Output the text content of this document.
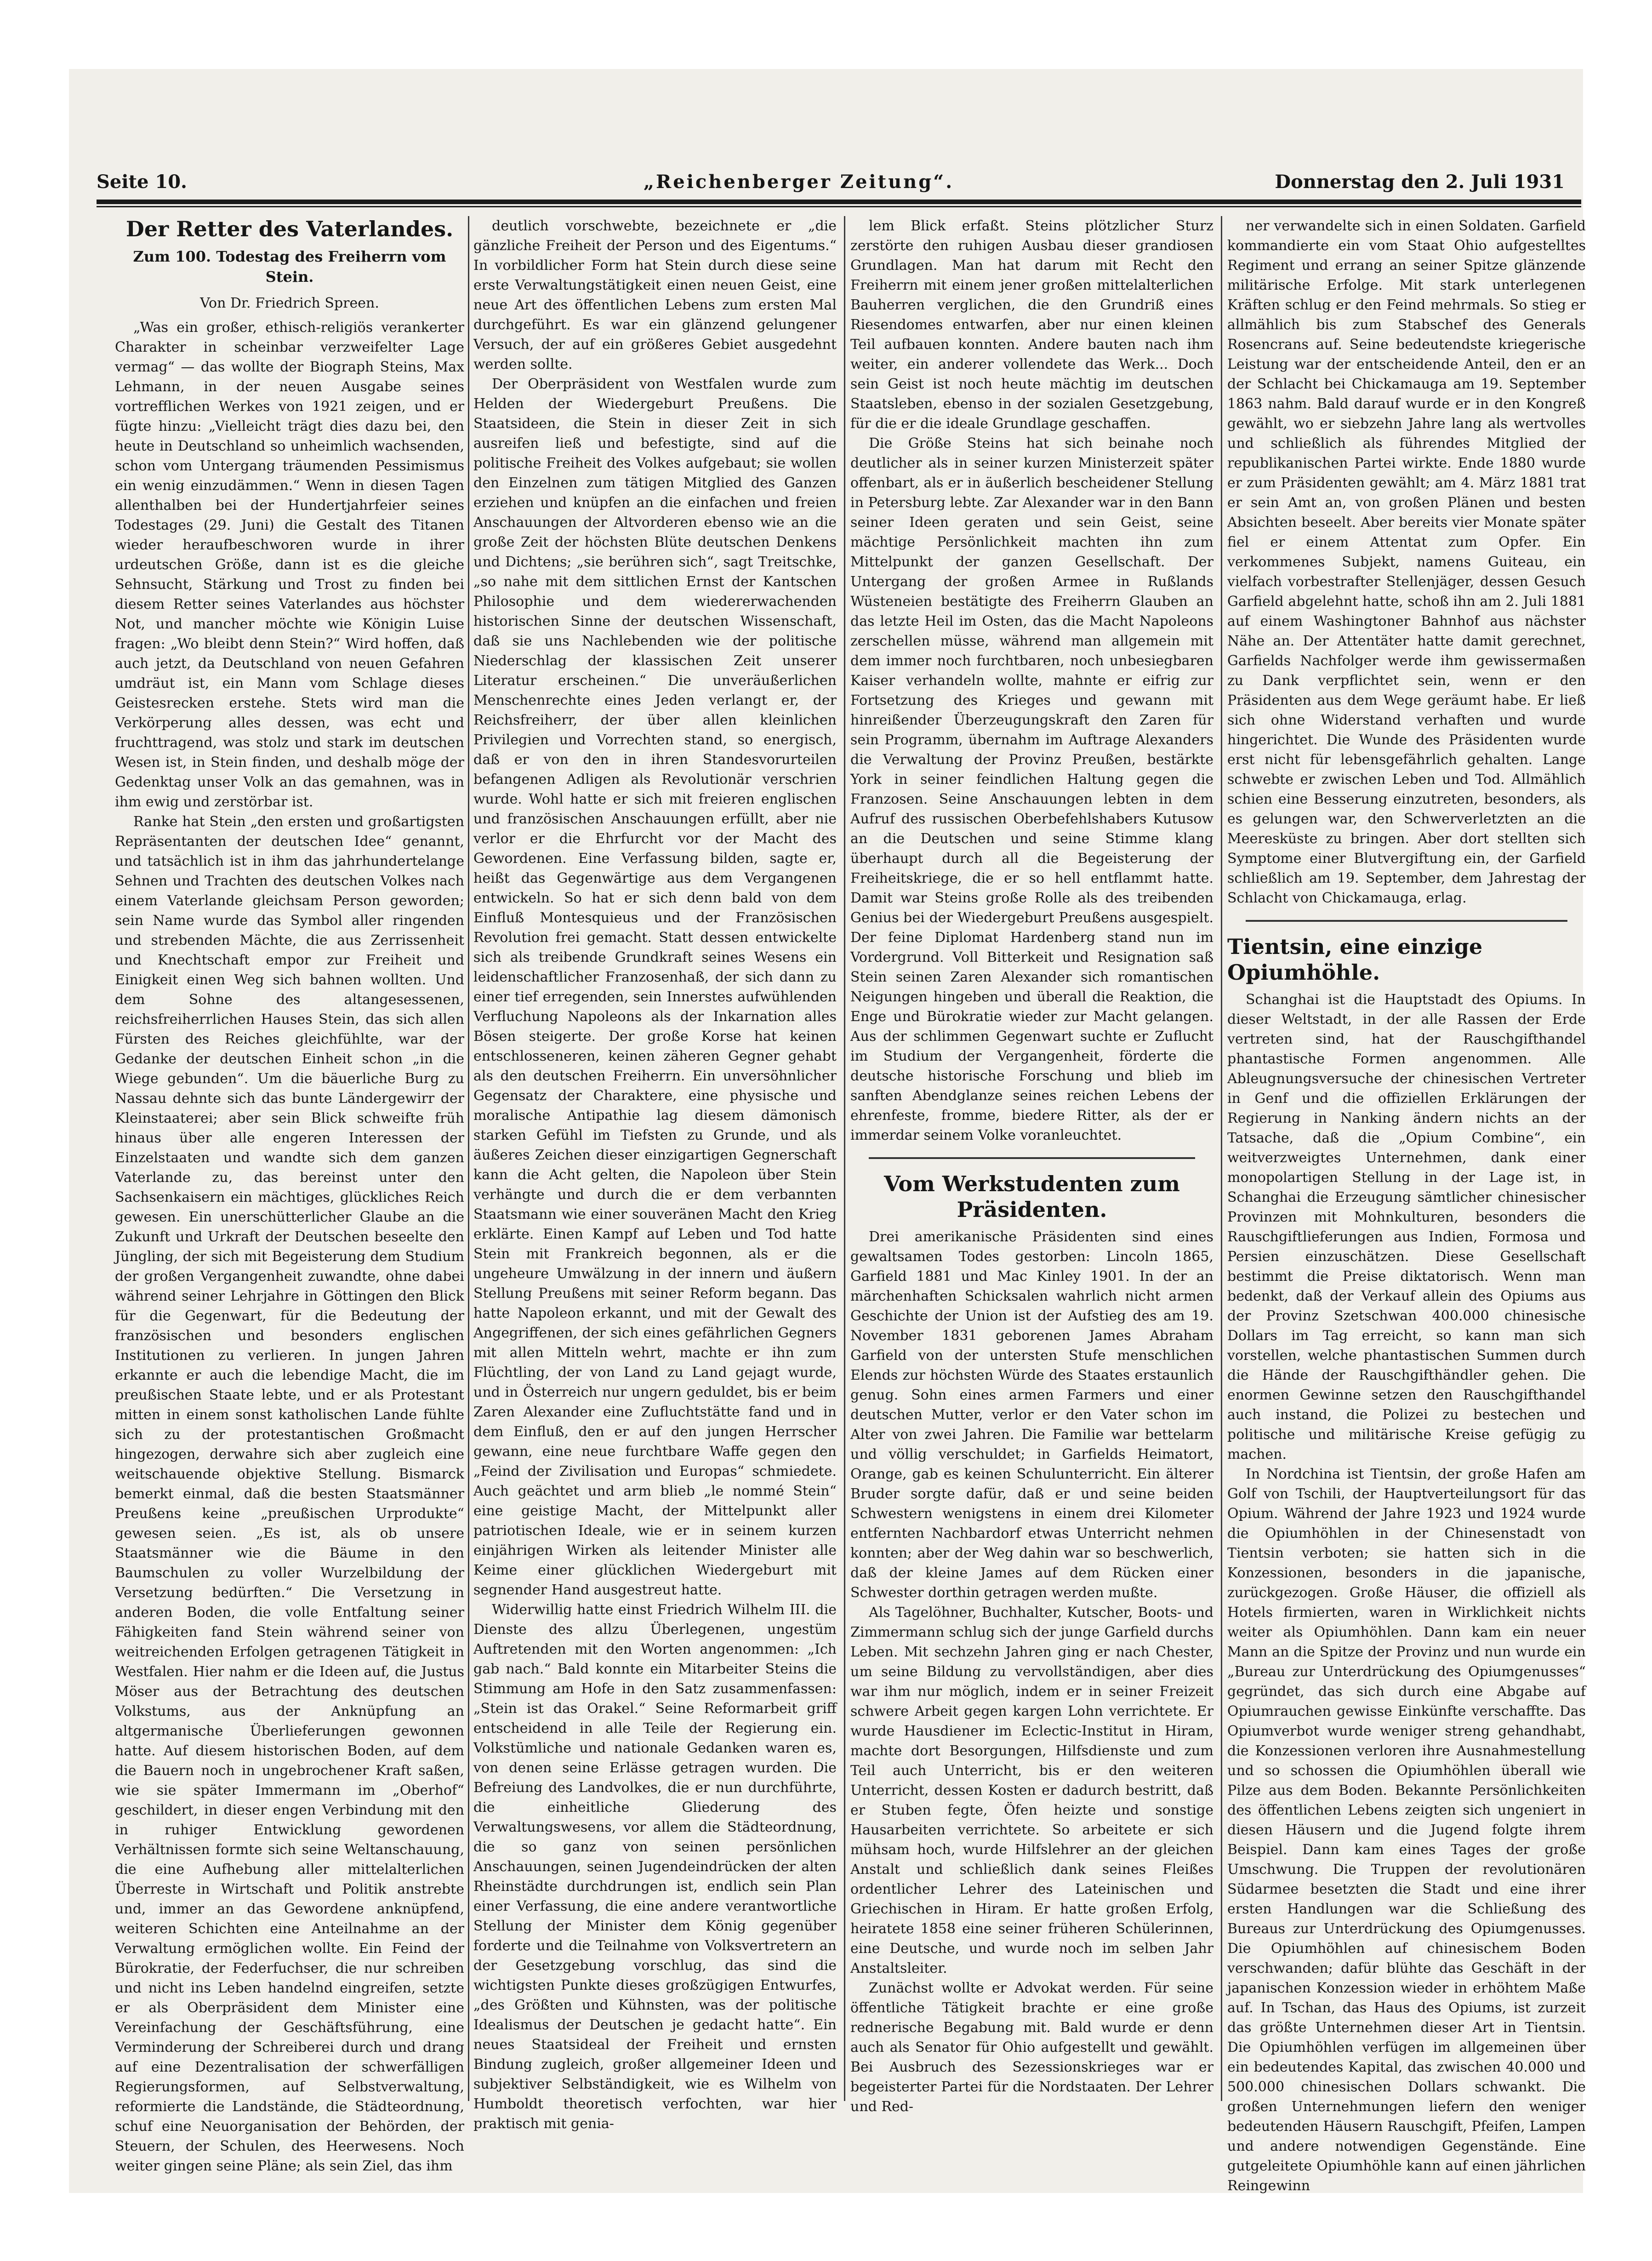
Seite 10.	„Reichenberger Zeitung“.	Donnerstag den 2. Juli 1931
Der Retter des Vaterlandes.
Zum 100. Todestag des Freiherrn vom Stein.
Von Dr. Friedrich Spreen.

„Was ein großer, ethisch-religiös verankerter Charakter in scheinbar verzweifelter Lage vermag“ — das wollte der Biograph Steins, Max Lehmann, in der neuen Ausgabe seines vortrefflichen Werkes von 1921 zeigen, und er fügte hinzu: „Vielleicht trägt dies dazu bei, den heute in Deutschland so unheimlich wachsenden, schon vom Untergang träumenden Pessimismus ein wenig einzudämmen.“ Wenn in diesen Tagen allenthalben bei der Hundertjahrfeier seines Todestages (29. Juni) die Gestalt des Titanen wieder heraufbeschworen wurde in ihrer urdeutschen Größe, dann ist es die gleiche Sehnsucht, Stärkung und Trost zu finden bei diesem Retter seines Vaterlandes aus höchster Not, und mancher möchte wie Königin Luise fragen: „Wo bleibt denn Stein?“ Wird hoffen, daß auch jetzt, da Deutschland von neuen Gefahren umdräut ist, ein Mann vom Schlage dieses Geistesrecken erstehe. Stets wird man die Verkörperung alles dessen, was echt und fruchttragend, was stolz und stark im deutschen Wesen ist, in Stein finden, und deshalb möge der Gedenktag unser Volk an das gemahnen, was in ihm ewig und zerstörbar ist.

Ranke hat Stein „den ersten und großartigsten Repräsentanten der deutschen Idee“ genannt, und tatsächlich ist in ihm das jahrhundertelange Sehnen und Trachten des deutschen Volkes nach einem Vaterlande gleichsam Person geworden; sein Name wurde das Symbol aller ringenden und strebenden Mächte, die aus Zerrissenheit und Knechtschaft empor zur Freiheit und Einigkeit einen Weg sich bahnen wollten. Und dem Sohne des altangesessenen, reichsfreiherrlichen Hauses Stein, das sich allen Fürsten des Reiches gleichfühlte, war der Gedanke der deutschen Einheit schon „in die Wiege gebunden“. Um die bäuerliche Burg zu Nassau dehnte sich das bunte Ländergewirr der Kleinstaaterei; aber sein Blick schweifte früh hinaus über alle engeren Interessen der Einzelstaaten und wandte sich dem ganzen Vaterlande zu, das bereinst unter den Sachsenkaisern ein mächtiges, glückliches Reich gewesen. Ein unerschütterlicher Glaube an die Zukunft und Urkraft der Deutschen beseelte den Jüngling, der sich mit Begeisterung dem Studium der großen Vergangenheit zuwandte, ohne dabei während seiner Lehrjahre in Göttingen den Blick für die Gegenwart, für die Bedeutung der französischen und besonders englischen Institutionen zu verlieren. In jungen Jahren erkannte er auch die lebendige Macht, die im preußischen Staate lebte, und er als Protestant mitten in einem sonst katholischen Lande fühlte sich zu der protestantischen Großmacht hingezogen, derwahre sich aber zugleich eine weitschauende objektive Stellung. Bismarck bemerkt einmal, daß die besten Staatsmänner Preußens keine „preußischen Urprodukte“ gewesen seien. „Es ist, als ob unsere Staatsmänner wie die Bäume in den Baumschulen zu voller Wurzelbildung der Versetzung bedürften.“ Die Versetzung in anderen Boden, die volle Entfaltung seiner Fähigkeiten fand Stein während seiner von weitreichenden Erfolgen getragenen Tätigkeit in Westfalen. Hier nahm er die Ideen auf, die Justus Möser aus der Betrachtung des deutschen Volkstums, aus der Anknüpfung an altgermanische Überlieferungen gewonnen hatte. Auf diesem historischen Boden, auf dem die Bauern noch in ungebrochener Kraft saßen, wie sie später Immermann im „Oberhof“ geschildert, in dieser engen Verbindung mit den in ruhiger Entwicklung gewordenen Verhältnissen formte sich seine Weltanschauung, die eine Aufhebung aller mittelalterlichen Überreste in Wirtschaft und Politik anstrebte und, immer an das Gewordene anknüpfend, weiteren Schichten eine Anteilnahme an der Verwaltung ermöglichen wollte. Ein Feind der Bürokratie, der Federfuchser, die nur schreiben und nicht ins Leben handelnd eingreifen, setzte er als Oberpräsident dem Minister eine Vereinfachung der Geschäftsführung, eine Verminderung der Schreiberei durch und drang auf eine Dezentralisation der schwerfälligen Regierungsformen, auf Selbstverwaltung, reformierte die Landstände, die Städteordnung, schuf eine Neuorganisation der Behörden, der Steuern, der Schulen, des Heerwesens. Noch weiter gingen seine Pläne; als sein Ziel, das ihm

deutlich vorschwebte, bezeichnete er „die gänzliche Freiheit der Person und des Eigentums.“ In vorbildlicher Form hat Stein durch diese seine erste Verwaltungstätigkeit einen neuen Geist, eine neue Art des öffentlichen Lebens zum ersten Mal durchgeführt. Es war ein glänzend gelungener Versuch, der auf ein größeres Gebiet ausgedehnt werden sollte.

Der Oberpräsident von Westfalen wurde zum Helden der Wiedergeburt Preußens. Die Staatsideen, die Stein in dieser Zeit in sich ausreifen ließ und befestigte, sind auf die politische Freiheit des Volkes aufgebaut; sie wollen den Einzelnen zum tätigen Mitglied des Ganzen erziehen und knüpfen an die einfachen und freien Anschauungen der Altvorderen ebenso wie an die große Zeit der höchsten Blüte deutschen Denkens und Dichtens; „sie berühren sich“, sagt Treitschke, „so nahe mit dem sittlichen Ernst der Kantschen Philosophie und dem wiedererwachenden historischen Sinne der deutschen Wissenschaft, daß sie uns Nachlebenden wie der politische Niederschlag der klassischen Zeit unserer Literatur erscheinen.“ Die unveräußerlichen Menschenrechte eines Jeden verlangt er, der Reichsfreiherr, der über allen kleinlichen Privilegien und Vorrechten stand, so energisch, daß er von den in ihren Standesvorurteilen befangenen Adligen als Revolutionär verschrien wurde. Wohl hatte er sich mit freieren englischen und französischen Anschauungen erfüllt, aber nie verlor er die Ehrfurcht vor der Macht des Gewordenen. Eine Verfassung bilden, sagte er, heißt das Gegenwärtige aus dem Vergangenen entwickeln. So hat er sich denn bald von dem Einfluß Montesquieus und der Französischen Revolution frei gemacht. Statt dessen entwickelte sich als treibende Grundkraft seines Wesens ein leidenschaftlicher Franzosenhaß, der sich dann zu einer tief erregenden, sein Innerstes aufwühlenden Verfluchung Napoleons als der Inkarnation alles Bösen steigerte. Der große Korse hat keinen entschlosseneren, keinen zäheren Gegner gehabt als den deutschen Freiherrn. Ein unversöhnlicher Gegensatz der Charaktere, eine physische und moralische Antipathie lag diesem dämonisch starken Gefühl im Tiefsten zu Grunde, und als äußeres Zeichen dieser einzigartigen Gegnerschaft kann die Acht gelten, die Napoleon über Stein verhängte und durch die er dem verbannten Staatsmann wie einer souveränen Macht den Krieg erklärte. Einen Kampf auf Leben und Tod hatte Stein mit Frankreich begonnen, als er die ungeheure Umwälzung in der innern und äußern Stellung Preußens mit seiner Reform begann. Das hatte Napoleon erkannt, und mit der Gewalt des Angegriffenen, der sich eines gefährlichen Gegners mit allen Mitteln wehrt, machte er ihn zum Flüchtling, der von Land zu Land gejagt wurde, und in Österreich nur ungern geduldet, bis er beim Zaren Alexander eine Zufluchtstätte fand und in dem Einfluß, den er auf den jungen Herrscher gewann, eine neue furchtbare Waffe gegen den „Feind der Zivilisation und Europas“ schmiedete. Auch geächtet und arm blieb „le nommé Stein“ eine geistige Macht, der Mittelpunkt aller patriotischen Ideale, wie er in seinem kurzen einjährigen Wirken als leitender Minister alle Keime einer glücklichen Wiedergeburt mit segnender Hand ausgestreut hatte.

Widerwillig hatte einst Friedrich Wilhelm III. die Dienste des allzu Überlegenen, ungestüm Auftretenden mit den Worten angenommen: „Ich gab nach.“ Bald konnte ein Mitarbeiter Steins die Stimmung am Hofe in den Satz zusammenfassen: „Stein ist das Orakel.“ Seine Reformarbeit griff entscheidend in alle Teile der Regierung ein. Volkstümliche und nationale Gedanken waren es, von denen seine Erlässe getragen wurden. Die Befreiung des Landvolkes, die er nun durchführte, die einheitliche Gliederung des Verwaltungswesens, vor allem die Städteordnung, die so ganz von seinen persönlichen Anschauungen, seinen Jugendeindrücken der alten Rheinstädte durchdrungen ist, endlich sein Plan einer Verfassung, die eine andere verantwortliche Stellung der Minister dem König gegenüber forderte und die Teilnahme von Volksvertretern an der Gesetzgebung vorschlug, das sind die wichtigsten Punkte dieses großzügigen Entwurfes, „des Größten und Kühnsten, was der politische Idealismus der Deutschen je gedacht hatte“. Ein neues Staatsideal der Freiheit und ernsten Bindung zugleich, großer allgemeiner Ideen und subjektiver Selbständigkeit, wie es Wilhelm von Humboldt theoretisch verfochten, war hier praktisch mit genia-

lem Blick erfaßt. Steins plötzlicher Sturz zerstörte den ruhigen Ausbau dieser grandiosen Grundlagen. Man hat darum mit Recht den Freiherrn mit einem jener großen mittelalterlichen Bauherren verglichen, die den Grundriß eines Riesendomes entwarfen, aber nur einen kleinen Teil aufbauen konnten. Andere bauten nach ihm weiter, ein anderer vollendete das Werk... Doch sein Geist ist noch heute mächtig im deutschen Staatsleben, ebenso in der sozialen Gesetzgebung, für die er die ideale Grundlage geschaffen.

Die Größe Steins hat sich beinahe noch deutlicher als in seiner kurzen Ministerzeit später offenbart, als er in äußerlich bescheidener Stellung in Petersburg lebte. Zar Alexander war in den Bann seiner Ideen geraten und sein Geist, seine mächtige Persönlichkeit machten ihn zum Mittelpunkt der ganzen Gesellschaft. Der Untergang der großen Armee in Rußlands Wüsteneien bestätigte des Freiherrn Glauben an das letzte Heil im Osten, das die Macht Napoleons zerschellen müsse, während man allgemein mit dem immer noch furchtbaren, noch unbesiegbaren Kaiser verhandeln wollte, mahnte er eifrig zur Fortsetzung des Krieges und gewann mit hinreißender Überzeugungskraft den Zaren für sein Programm, übernahm im Auftrage Alexanders die Verwaltung der Provinz Preußen, bestärkte York in seiner feindlichen Haltung gegen die Franzosen. Seine Anschauungen lebten in dem Aufruf des russischen Oberbefehlshabers Kutusow an die Deutschen und seine Stimme klang überhaupt durch all die Begeisterung der Freiheitskriege, die er so hell entflammt hatte. Damit war Steins große Rolle als des treibenden Genius bei der Wiedergeburt Preußens ausgespielt. Der feine Diplomat Hardenberg stand nun im Vordergrund. Voll Bitterkeit und Resignation saß Stein seinen Zaren Alexander sich romantischen Neigungen hingeben und überall die Reaktion, die Enge und Bürokratie wieder zur Macht gelangen. Aus der schlimmen Gegenwart suchte er Zuflucht im Studium der Vergangenheit, förderte die deutsche historische Forschung und blieb im sanften Abendglanze seines reichen Lebens der ehrenfeste, fromme, biedere Ritter, als der er immerdar seinem Volke voranleuchtet.

Vom Werkstudenten zum Präsidenten.

Drei amerikanische Präsidenten sind eines gewaltsamen Todes gestorben: Lincoln 1865, Garfield 1881 und Mac Kinley 1901. In der an märchenhaften Schicksalen wahrlich nicht armen Geschichte der Union ist der Aufstieg des am 19. November 1831 geborenen James Abraham Garfield von der untersten Stufe menschlichen Elends zur höchsten Würde des Staates erstaunlich genug. Sohn eines armen Farmers und einer deutschen Mutter, verlor er den Vater schon im Alter von zwei Jahren. Die Familie war bettelarm und völlig verschuldet; in Garfields Heimatort, Orange, gab es keinen Schulunterricht. Ein älterer Bruder sorgte dafür, daß er und seine beiden Schwestern wenigstens in einem drei Kilometer entfernten Nachbardorf etwas Unterricht nehmen konnten; aber der Weg dahin war so beschwerlich, daß der kleine James auf dem Rücken einer Schwester dorthin getragen werden mußte.

Als Tagelöhner, Buchhalter, Kutscher, Boots- und Zimmermann schlug sich der junge Garfield durchs Leben. Mit sechzehn Jahren ging er nach Chester, um seine Bildung zu vervollständigen, aber dies war ihm nur möglich, indem er in seiner Freizeit schwere Arbeit gegen kargen Lohn verrichtete. Er wurde Hausdiener im Eclectic-Institut in Hiram, machte dort Besorgungen, Hilfsdienste und zum Teil auch Unterricht, bis er den weiteren Unterricht, dessen Kosten er dadurch bestritt, daß er Stuben fegte, Öfen heizte und sonstige Hausarbeiten verrichtete. So arbeitete er sich mühsam hoch, wurde Hilfslehrer an der gleichen Anstalt und schließlich dank seines Fleißes ordentlicher Lehrer des Lateinischen und Griechischen in Hiram. Er hatte großen Erfolg, heiratete 1858 eine seiner früheren Schülerinnen, eine Deutsche, und wurde noch im selben Jahr Anstaltsleiter.

Zunächst wollte er Advokat werden. Für seine öffentliche Tätigkeit brachte er eine große rednerische Begabung mit. Bald wurde er denn auch als Senator für Ohio aufgestellt und gewählt. Bei Ausbruch des Sezessionskrieges war er begeisterter Partei für die Nordstaaten. Der Lehrer und Red-

ner verwandelte sich in einen Soldaten. Garfield kommandierte ein vom Staat Ohio aufgestelltes Regiment und errang an seiner Spitze glänzende militärische Erfolge. Mit stark unterlegenen Kräften schlug er den Feind mehrmals. So stieg er allmählich bis zum Stabschef des Generals Rosencrans auf. Seine bedeutendste kriegerische Leistung war der entscheidende Anteil, den er an der Schlacht bei Chickamauga am 19. September 1863 nahm. Bald darauf wurde er in den Kongreß gewählt, wo er siebzehn Jahre lang als wertvolles und schließlich als führendes Mitglied der republikanischen Partei wirkte. Ende 1880 wurde er zum Präsidenten gewählt; am 4. März 1881 trat er sein Amt an, von großen Plänen und besten Absichten beseelt. Aber bereits vier Monate später fiel er einem Attentat zum Opfer. Ein verkommenes Subjekt, namens Guiteau, ein vielfach vorbestrafter Stellenjäger, dessen Gesuch Garfield abgelehnt hatte, schoß ihn am 2. Juli 1881 auf einem Washingtoner Bahnhof aus nächster Nähe an. Der Attentäter hatte damit gerechnet, Garfields Nachfolger werde ihm gewissermaßen zu Dank verpflichtet sein, wenn er den Präsidenten aus dem Wege geräumt habe. Er ließ sich ohne Widerstand verhaften und wurde hingerichtet. Die Wunde des Präsidenten wurde erst nicht für lebensgefährlich gehalten. Lange schwebte er zwischen Leben und Tod. Allmählich schien eine Besserung einzutreten, besonders, als es gelungen war, den Schwerverletzten an die Meeresküste zu bringen. Aber dort stellten sich Symptome einer Blutvergiftung ein, der Garfield schließlich am 19. September, dem Jahrestag der Schlacht von Chickamauga, erlag.

Tientsin, eine einzige Opiumhöhle.

Schanghai ist die Hauptstadt des Opiums. In dieser Weltstadt, in der alle Rassen der Erde vertreten sind, hat der Rauschgifthandel phantastische Formen angenommen. Alle Ableugnungsversuche der chinesischen Vertreter in Genf und die offiziellen Erklärungen der Regierung in Nanking ändern nichts an der Tatsache, daß die „Opium Combine“, ein weitverzweigtes Unternehmen, dank einer monopolartigen Stellung in der Lage ist, in Schanghai die Erzeugung sämtlicher chinesischer Provinzen mit Mohnkulturen, besonders die Rauschgiftlieferungen aus Indien, Formosa und Persien einzuschätzen. Diese Gesellschaft bestimmt die Preise diktatorisch. Wenn man bedenkt, daß der Verkauf allein des Opiums aus der Provinz Szetschwan 400.000 chinesische Dollars im Tag erreicht, so kann man sich vorstellen, welche phantastischen Summen durch die Hände der Rauschgifthändler gehen. Die enormen Gewinne setzen den Rauschgifthandel auch instand, die Polizei zu bestechen und politische und militärische Kreise gefügig zu machen.

In Nordchina ist Tientsin, der große Hafen am Golf von Tschili, der Hauptverteilungsort für das Opium. Während der Jahre 1923 und 1924 wurde die Opiumhöhlen in der Chinesenstadt von Tientsin verboten; sie hatten sich in die Konzessionen, besonders in die japanische, zurückgezogen. Große Häuser, die offiziell als Hotels firmierten, waren in Wirklichkeit nichts weiter als Opiumhöhlen. Dann kam ein neuer Mann an die Spitze der Provinz und nun wurde ein „Bureau zur Unterdrückung des Opiumgenusses“ gegründet, das sich durch eine Abgabe auf Opiumrauchen gewisse Einkünfte verschaffte. Das Opiumverbot wurde weniger streng gehandhabt, die Konzessionen verloren ihre Ausnahmestellung und so schossen die Opiumhöhlen überall wie Pilze aus dem Boden. Bekannte Persönlichkeiten des öffentlichen Lebens zeigten sich ungeniert in diesen Häusern und die Jugend folgte ihrem Beispiel. Dann kam eines Tages der große Umschwung. Die Truppen der revolutionären Südarmee besetzten die Stadt und eine ihrer ersten Handlungen war die Schließung des Bureaus zur Unterdrückung des Opiumgenusses. Die Opiumhöhlen auf chinesischem Boden verschwanden; dafür blühte das Geschäft in der japanischen Konzession wieder in erhöhtem Maße auf. In Tschan, das Haus des Opiums, ist zurzeit das größte Unternehmen dieser Art in Tientsin. Die Opiumhöhlen verfügen im allgemeinen über ein bedeutendes Kapital, das zwischen 40.000 und 500.000 chinesischen Dollars schwankt. Die großen Unternehmungen liefern den weniger bedeutenden Häusern Rauschgift, Pfeifen, Lampen und andere notwendigen Gegenstände. Eine gutgeleitete Opiumhöhle kann auf einen jährlichen Reingewinn
